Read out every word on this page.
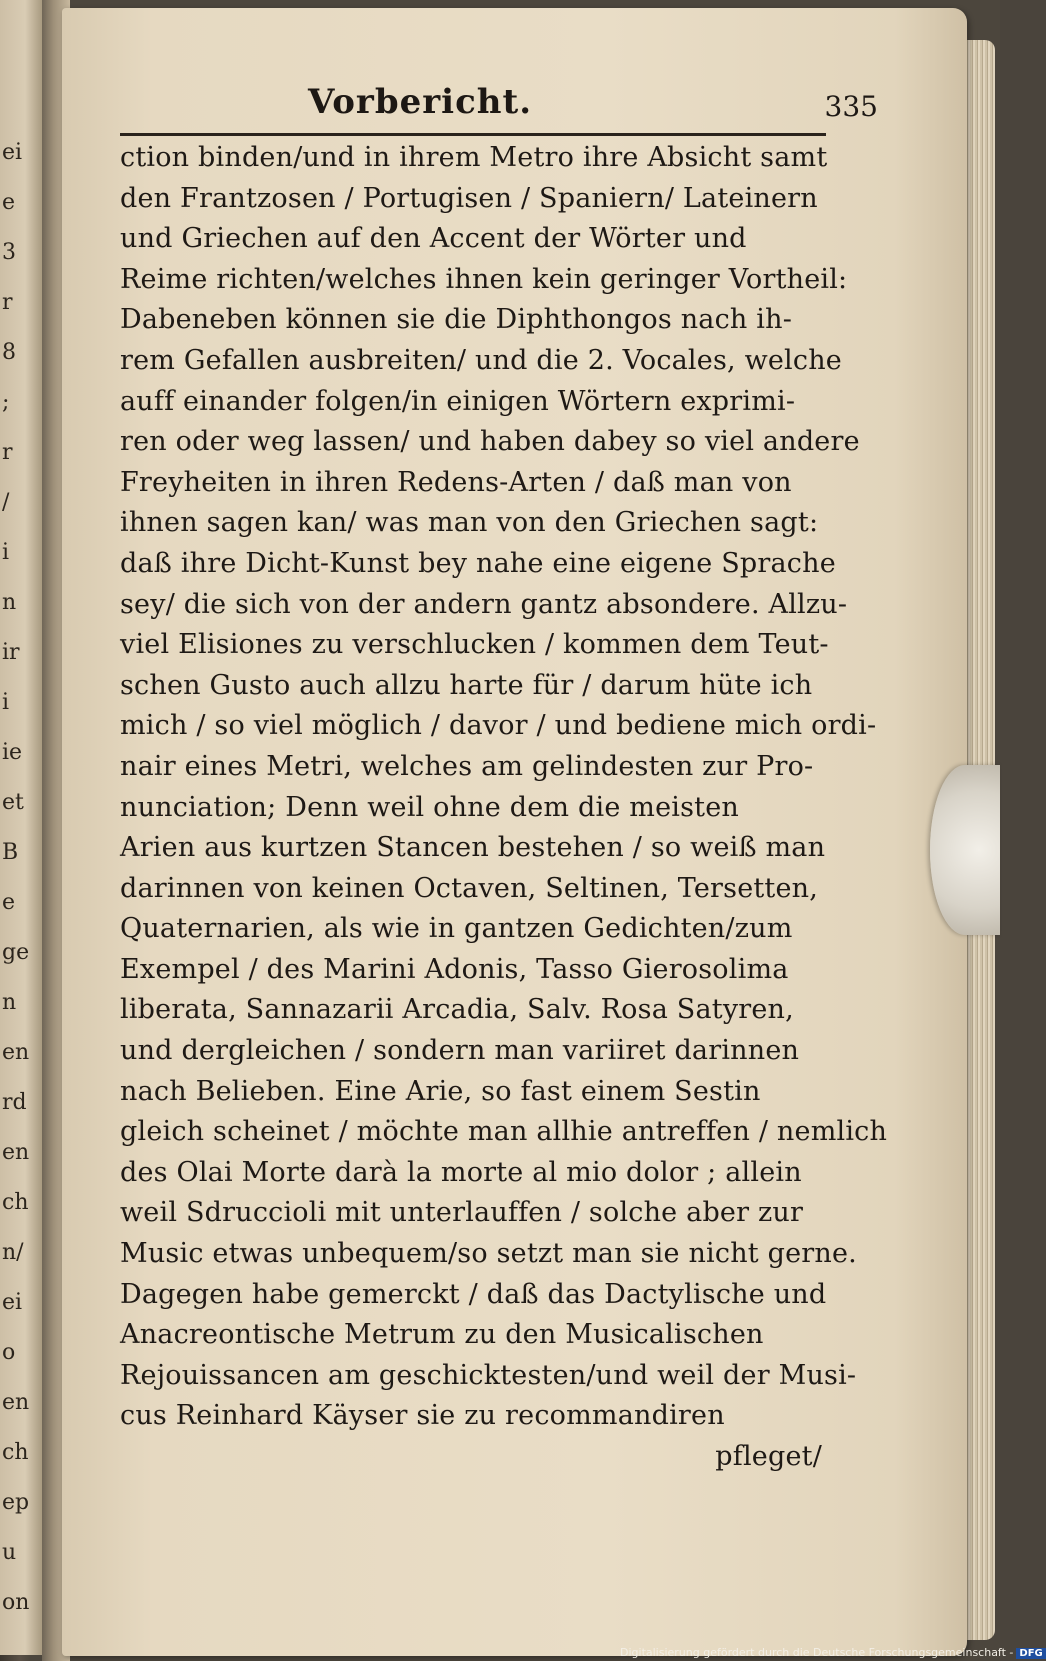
ei
e
3
r
8
;
r
/
i
n
ir
i
ie
et
B
e
ge
n
en
rd
en
ch
n/
ei
o
en
ch
ep
u
on
Vorbericht.	335
ction binden/und in ihrem Metro ihre Absicht samt
den Frantzosen / Portugisen / Spaniern/ Lateinern
und Griechen auf den Accent der Wörter und
Reime richten/welches ihnen kein geringer Vortheil:
Dabeneben können sie die Diphthongos nach ih-
rem Gefallen ausbreiten/ und die 2. Vocales, welche
auff einander folgen/in einigen Wörtern exprimi-
ren oder weg lassen/ und haben dabey so viel andere
Freyheiten in ihren Redens-Arten / daß man von
ihnen sagen kan/ was man von den Griechen sagt:
daß ihre Dicht-Kunst bey nahe eine eigene Sprache
sey/ die sich von der andern gantz absondere. Allzu-
viel Elisiones zu verschlucken / kommen dem Teut-
schen Gusto auch allzu harte für / darum hüte ich
mich / so viel möglich / davor / und bediene mich ordi-
nair eines Metri, welches am gelindesten zur Pro-
nunciation; Denn weil ohne dem die meisten
Arien aus kurtzen Stancen bestehen / so weiß man
darinnen von keinen Octaven, Seltinen, Tersetten,
Quaternarien, als wie in gantzen Gedichten/zum
Exempel / des Marini Adonis, Tasso Gierosolima
liberata, Sannazarii Arcadia, Salv. Rosa Satyren,
und dergleichen / sondern man variiret darinnen
nach Belieben. Eine Arie, so fast einem Sestin
gleich scheinet / möchte man allhie antreffen / nemlich
des Olai Morte darà la morte al mio dolor ; allein
weil Sdruccioli mit unterlauffen / solche aber zur
Music etwas unbequem/so setzt man sie nicht gerne.
Dagegen habe gemerckt / daß das Dactylische und
Anacreontische Metrum zu den Musicalischen
Rejouissancen am geschicktesten/und weil der Musi-
cus Reinhard Käyser sie zu recommandiren
pfleget/
Digitalisierung gefördert durch die Deutsche Forschungsgemeinschaft - DFG
